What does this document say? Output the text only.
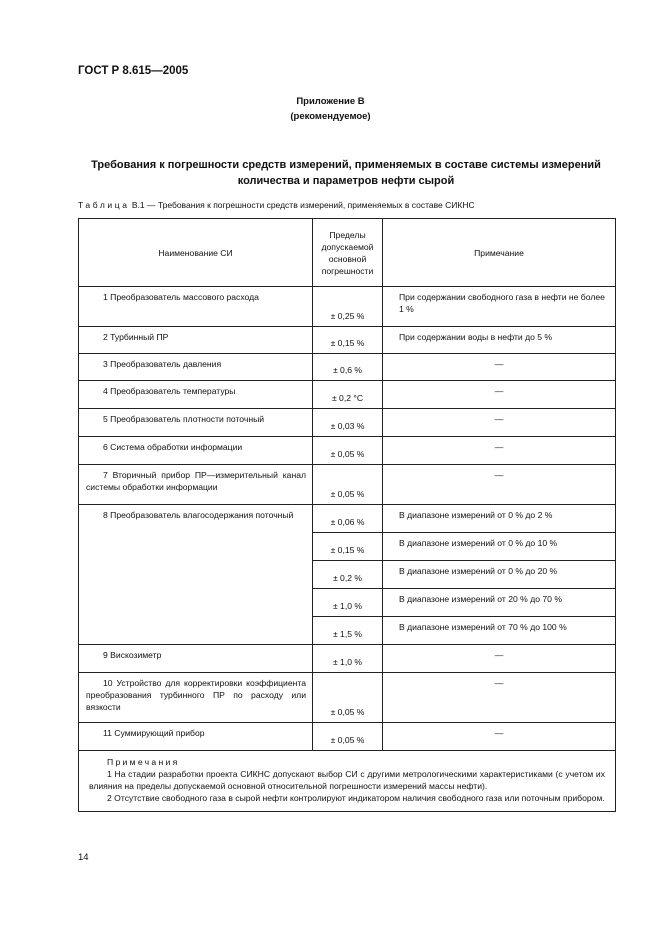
ГОСТ Р 8.615—2005
Приложение В
(рекомендуемое)
Требования к погрешности средств измерений, применяемых в составе системы измерений
количества и параметров нефти сырой
Таблица В.1 — Требования к погрешности средств измерений, применяемых в составе СИКНС
Наименование СИ	Пределы допускаемой основной погрешности	Примечание

1 Преобразователь массового расхода	± 0,25 %	При содержании свободного газа в нефти не более 1 %

2 Турбинный ПР	± 0,15 %	При содержании воды в нефти до 5 %

3 Преобразователь давления	± 0,6 %	—

4 Преобразователь температуры	± 0,2 °С	—

5 Преобразователь плотности поточный	± 0,03 %	—

6 Система обработки информации	± 0,05 %	—

7 Вторичный прибор ПР—измерительный канал системы обработки информации	± 0,05 %	—

8 Преобразователь влагосодержания поточный	± 0,06 %	В диапазоне измерений от 0 % до 2 %
	± 0,15 %	В диапазоне измерений от 0 % до 10 %
	± 0,2 %	В диапазоне измерений от 0 % до 20 %
	± 1,0 %	В диапазоне измерений от 20 % до 70 %
	± 1,5 %	В диапазоне измерений от 70 % до 100 %

9 Вискозиметр	± 1,0 %	—

10 Устройство для корректировки коэффициента преобразования турбинного ПР по расходу или вязкости	± 0,05 %	—

11 Суммирующий прибор	± 0,05 %	—

Примечания
1 На стадии разработки проекта СИКНС допускают выбор СИ с другими метрологическими характеристиками (с учетом их влияния на пределы допускаемой основной относительной погрешности измерений массы нефти).
2 Отсутствие свободного газа в сырой нефти контролируют индикатором наличия свободного газа или поточным прибором.		
14
